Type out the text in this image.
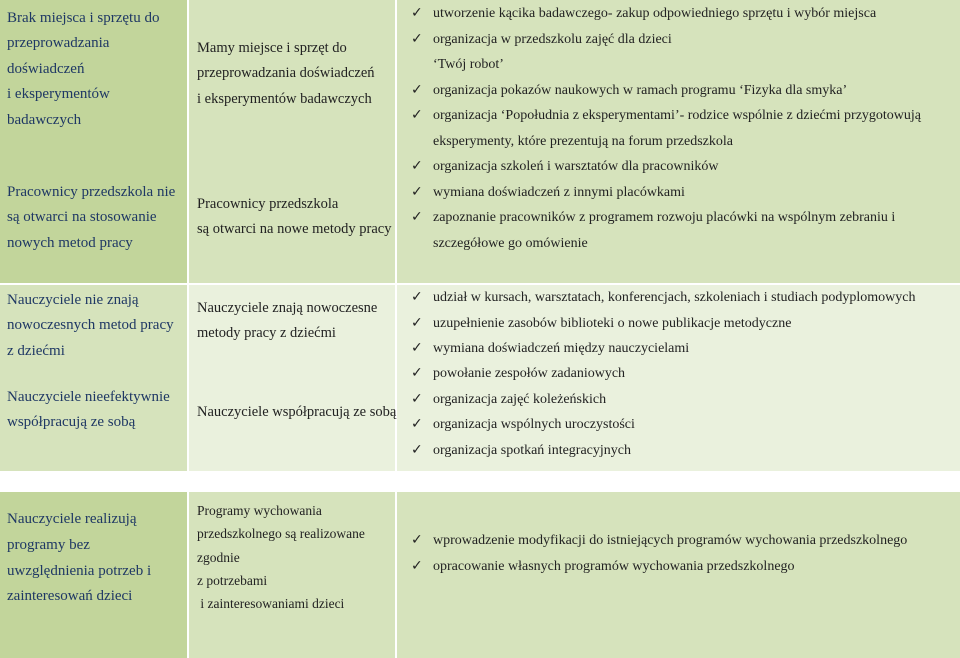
Brak miejsca i sprzętu do
przeprowadzania
doświadczeń
i eksperymentów
badawczych
Pracownicy przedszkola nie
są otwarci na stosowanie
nowych metod pracy
Mamy miejsce i sprzęt do
przeprowadzania doświadczeń
i eksperymentów badawczych
Pracownicy przedszkola
są otwarci na nowe metody pracy
✓ utworzenie kącika badawczego- zakup odpowiedniego sprzętu i wybór miejsca
✓ organizacja w przedszkolu zajęć dla dzieci
‘Twój robot’
✓ organizacja pokazów naukowych w ramach programu ‘Fizyka dla smyka’
✓ organizacja ‘Popołudnia z eksperymentami’- rodzice wspólnie z dziećmi przygotowują
eksperymenty, które prezentują na forum przedszkola
✓ organizacja szkoleń i warsztatów dla pracowników
✓ wymiana doświadczeń z innymi placówkami
✓ zapoznanie pracowników z programem rozwoju placówki na wspólnym zebraniu i
szczegółowe go omówienie
Nauczyciele nie znają
nowoczesnych metod pracy
z dziećmi
Nauczyciele nieefektywnie
współpracują ze sobą
Nauczyciele znają nowoczesne
metody pracy z dziećmi
Nauczyciele współpracują ze sobą
✓ udział w kursach, warsztatach, konferencjach, szkoleniach i studiach podyplomowych
✓ uzupełnienie zasobów biblioteki o nowe publikacje metodyczne
✓ wymiana doświadczeń między nauczycielami
✓ powołanie zespołów zadaniowych
✓ organizacja zajęć koleżeńskich
✓ organizacja wspólnych uroczystości
✓ organizacja spotkań integracyjnych
Nauczyciele realizują
programy bez
uwzględnienia potrzeb i
zainteresowań dzieci
Programy wychowania
przedszkolnego są realizowane
zgodnie
z potrzebami
i zainteresowaniami dzieci
✓ wprowadzenie modyfikacji do istniejących programów wychowania przedszkolnego
✓ opracowanie własnych programów wychowania przedszkolnego
